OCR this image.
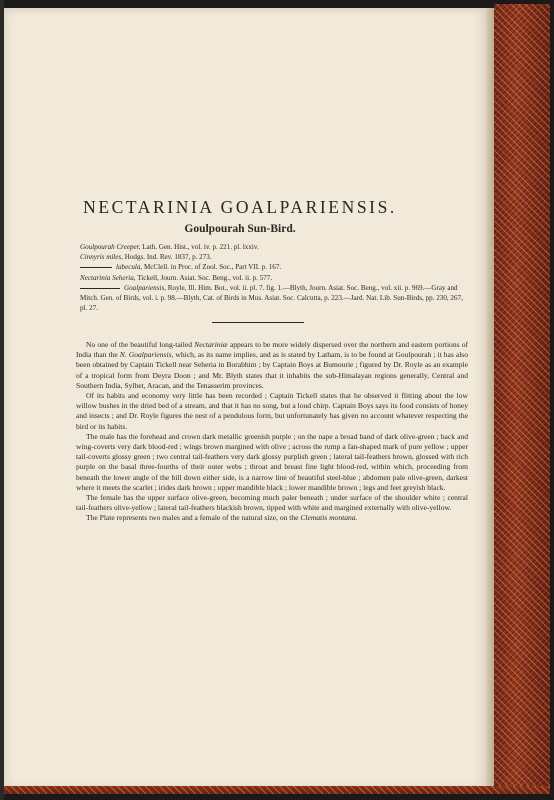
NECTARINIA GOALPARIENSIS.
Goulpourah Sun-Bird.
Goulpourah Creeper, Lath. Gen. Hist., vol. iv. p. 221. pl. lxxiv.
Cinnyris miles, Hodgs. Ind. Rev. 1837, p. 273.
labecula, McClell. in Proc. of Zool. Soc., Part VII. p. 167.
Nectarinia Seheria, Tickell, Journ. Asiat. Soc. Beng., vol. ii. p. 577.
Goalpariensis, Royle, Ill. Him. Bot., vol. ii. pl. 7. fig. 1.—Blyth, Journ. Asiat. Soc. Beng., vol. xii. p. 969.—Gray and Mitch. Gen. of Birds, vol. i. p. 98.—Blyth, Cat. of Birds in Mus. Asiat. Soc. Calcutta, p. 223.—Jard. Nat. Lib. Sun-Birds, pp. 230, 267, pl. 27.

No one of the beautiful long-tailed Nectariniæ appears to be more widely dispersed over the northern and eastern portions of India than the N. Goalpariensis, which, as its name implies, and as is stated by Latham, is to be found at Goulpourah ; it has also been obtained by Captain Tickell near Seheria in Borabhim ; by Captain Boys at Bumourie ; figured by Dr. Royle as an example of a tropical form from Deyra Doon ; and Mr. Blyth states that it inhabits the sub-Himalayan regions generally, Central and Southern India, Sylhet, Aracan, and the Tenasserim provinces.

Of its habits and economy very little has been recorded ; Captain Tickell states that he observed it flitting about the low willow bushes in the dried bed of a stream, and that it has no song, but a loud chirp. Captain Boys says its food consists of honey and insects ; and Dr. Royle figures the nest of a pendulous form, but unfortunately has given no account whatever respecting the bird or its habits.

The male has the forehead and crown dark metallic greenish purple ; on the nape a broad band of dark olive-green ; back and wing-coverts very dark blood-red ; wings brown margined with olive ; across the rump a fan-shaped mark of pure yellow ; upper tail-coverts glossy green ; two central tail-feathers very dark glossy purplish green ; lateral tail-feathers brown, glossed with rich purple on the basal three-fourths of their outer webs ; throat and breast fine light blood-red, within which, proceeding from beneath the lower angle of the bill down either side, is a narrow line of beautiful steel-blue ; abdomen pale olive-green, darkest where it meets the scarlet ; irides dark brown ; upper mandible black ; lower mandible brown ; legs and feet greyish black.

The female has the upper surface olive-green, becoming much paler beneath ; under surface of the shoulder white ; central tail-feathers olive-yellow ; lateral tail-feathers blackish brown, tipped with white and margined externally with olive-yellow.

The Plate represents two males and a female of the natural size, on the Clematis montana.
